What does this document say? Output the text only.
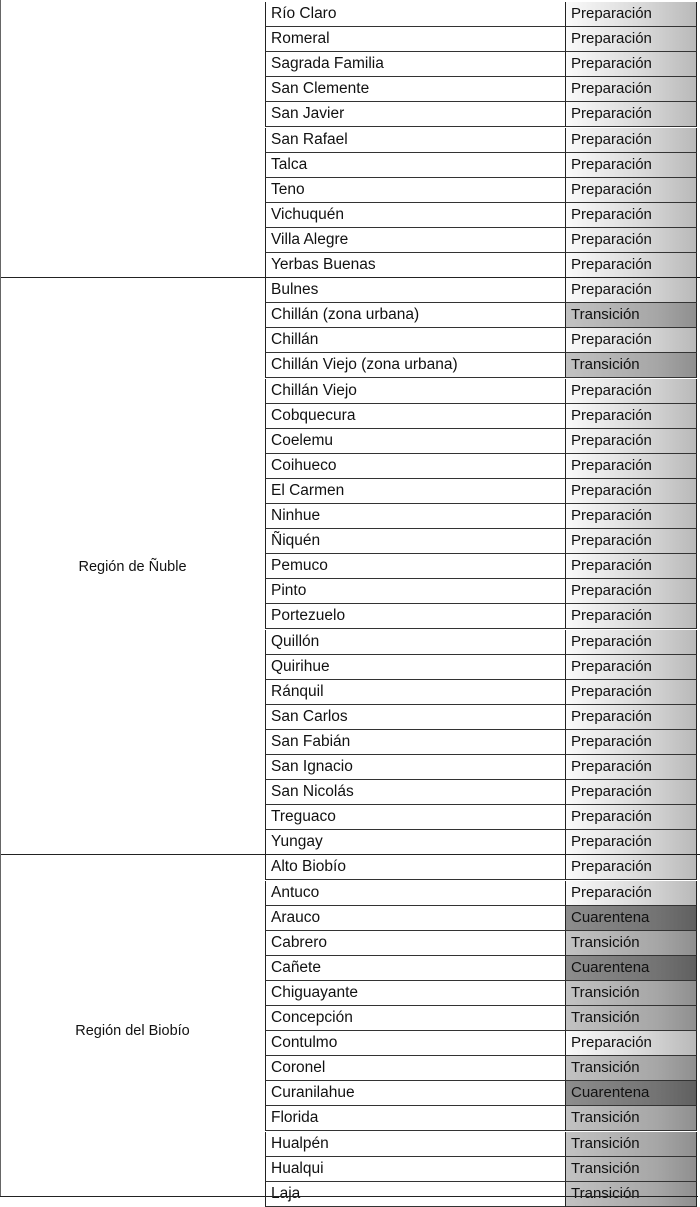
Río Claro	Preparación
Romeral	Preparación
Sagrada Familia	Preparación
San Clemente	Preparación
San Javier	Preparación
San Rafael	Preparación
Talca	Preparación
Teno	Preparación
Vichuquén	Preparación
Villa Alegre	Preparación
Yerbas Buenas	Preparación
Región de Ñuble
Bulnes	Preparación
Chillán (zona urbana)	Transición
Chillán	Preparación
Chillán Viejo (zona urbana)	Transición
Chillán Viejo	Preparación
Cobquecura	Preparación
Coelemu	Preparación
Coihueco	Preparación
El Carmen	Preparación
Ninhue	Preparación
Ñiquén	Preparación
Pemuco	Preparación
Pinto	Preparación
Portezuelo	Preparación
Quillón	Preparación
Quirihue	Preparación
Ránquil	Preparación
San Carlos	Preparación
San Fabián	Preparación
San Ignacio	Preparación
San Nicolás	Preparación
Treguaco	Preparación
Yungay	Preparación
Región del Biobío
Alto Biobío	Preparación
Antuco	Preparación
Arauco	Cuarentena
Cabrero	Transición
Cañete	Cuarentena
Chiguayante	Transición
Concepción	Transición
Contulmo	Preparación
Coronel	Transición
Curanilahue	Cuarentena
Florida	Transición
Hualpén	Transición
Hualqui	Transición
Laja	Transición
